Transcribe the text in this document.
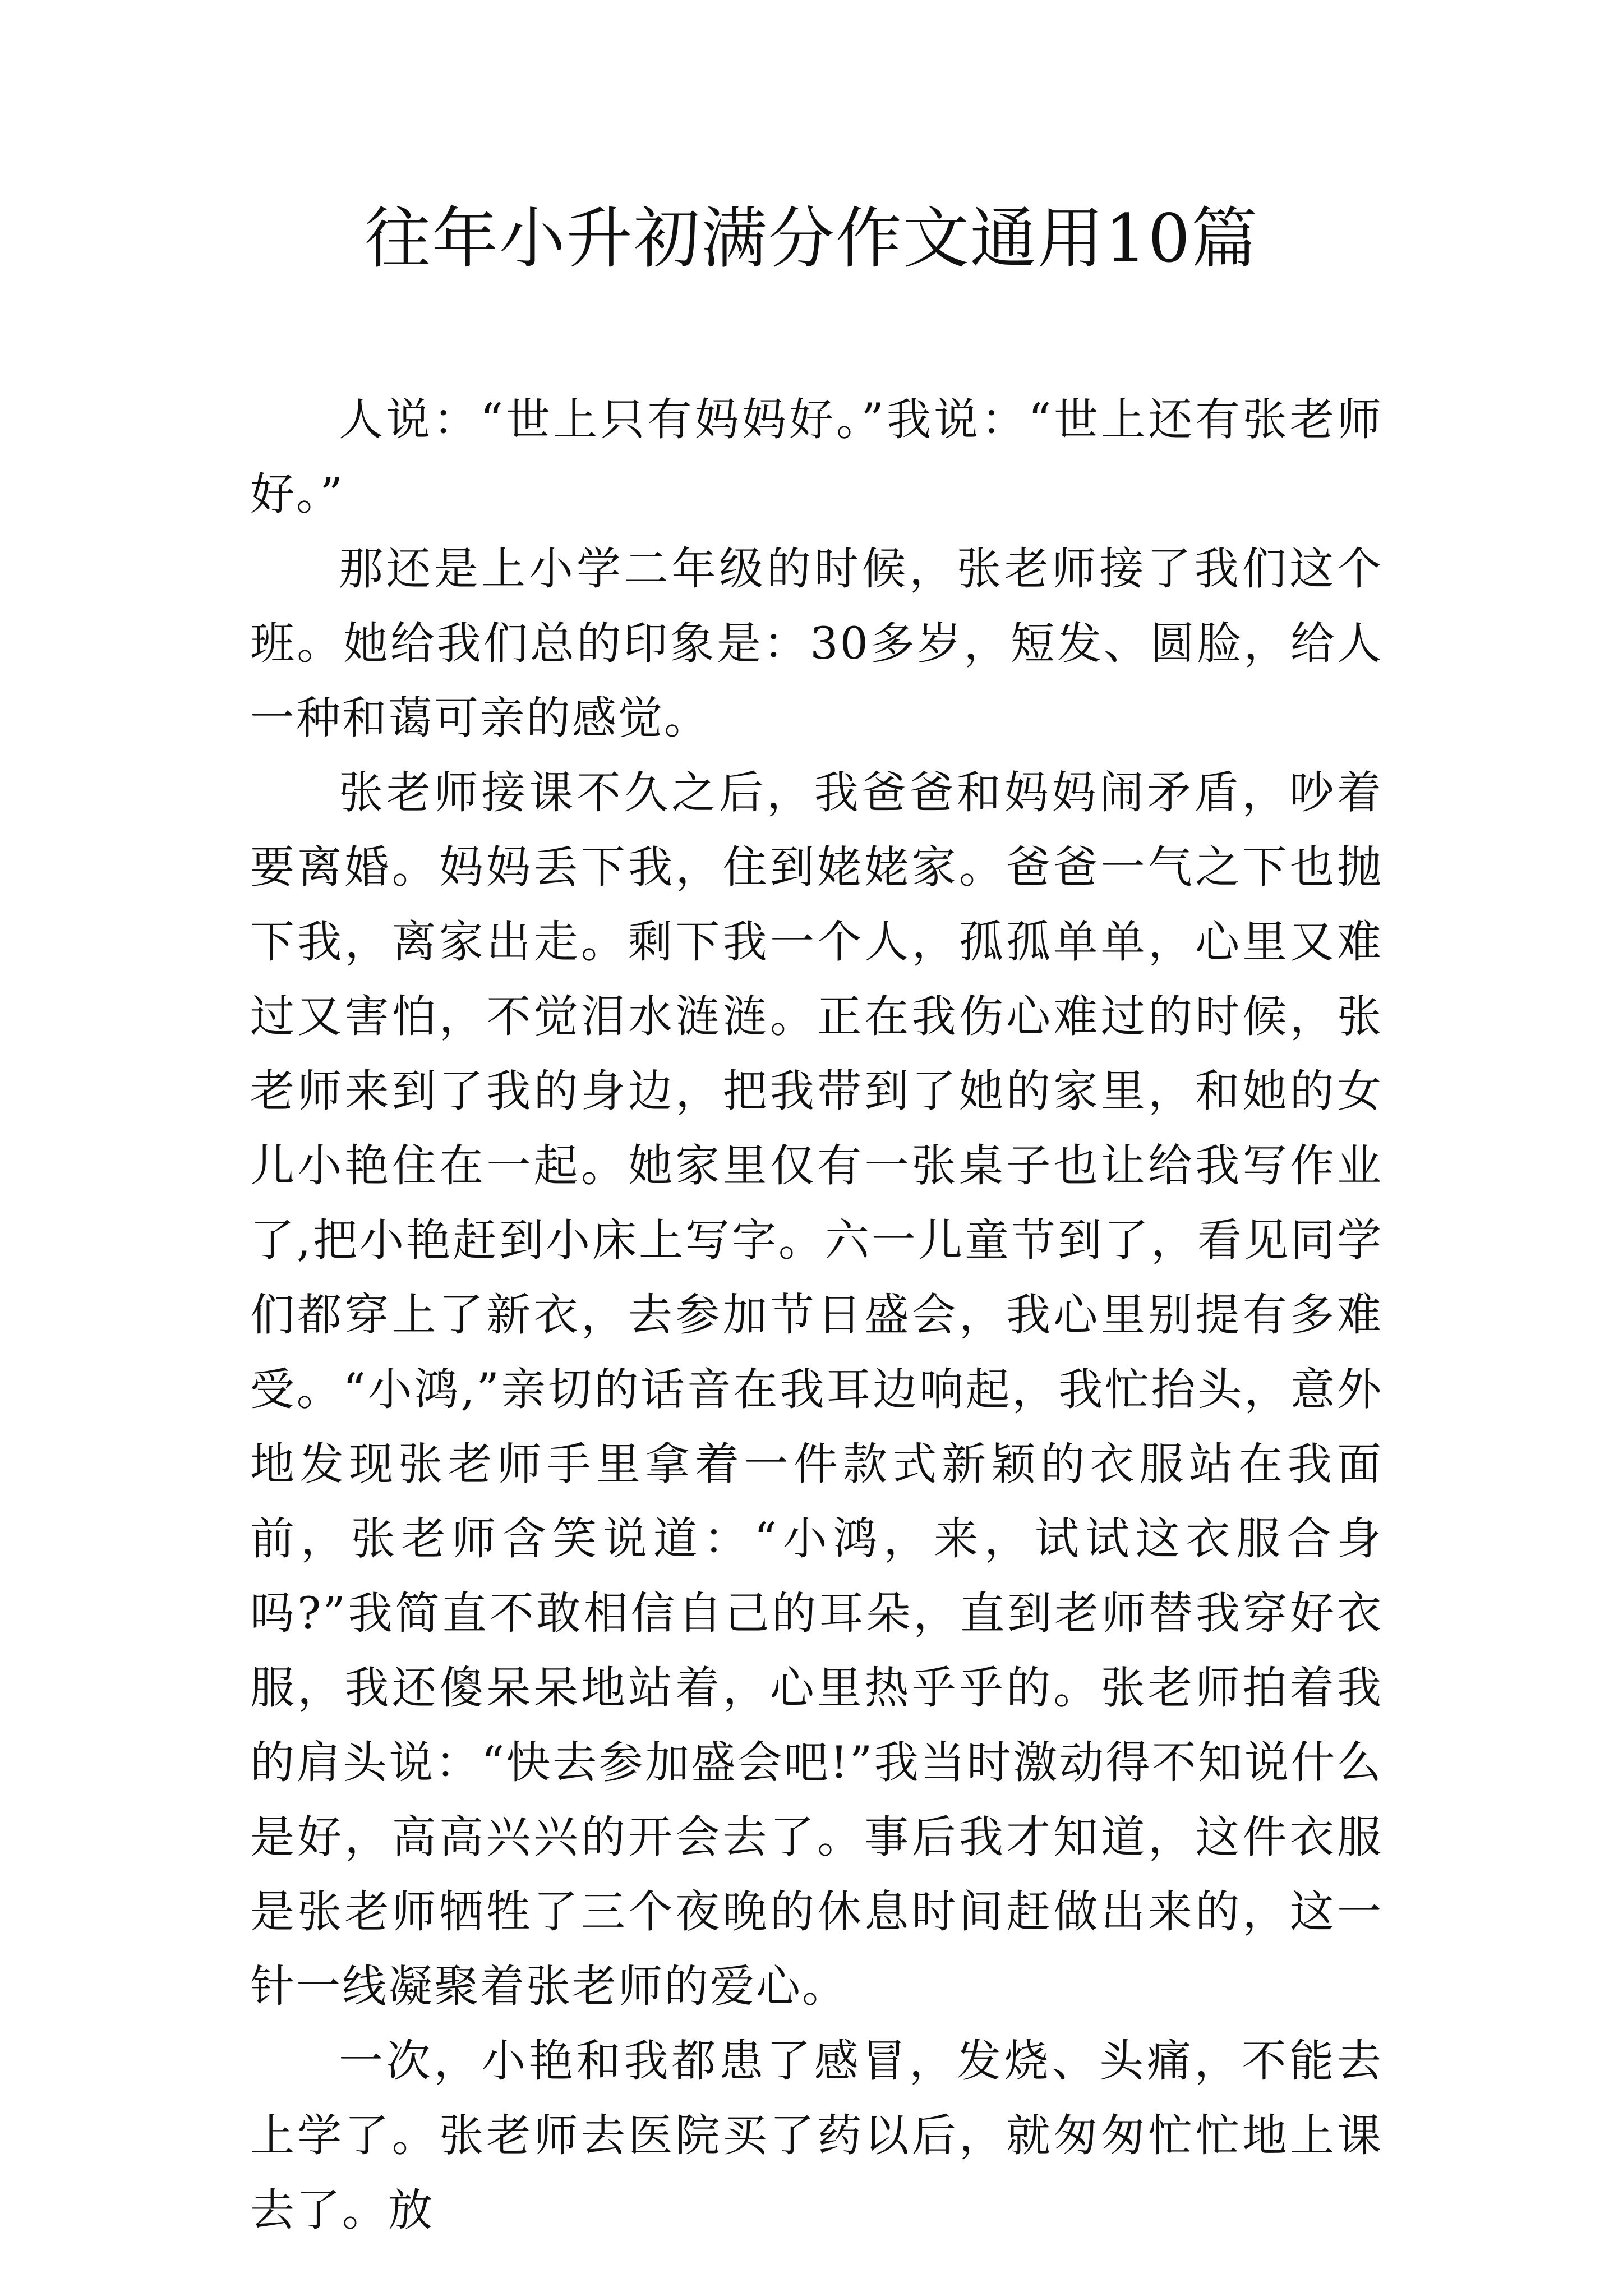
往年小升初满分作文通用10篇

人说：“世上只有妈妈好。”我说：“世上还有张老师好。”

那还是上小学二年级的时候，张老师接了我们这个班。她给我们总的印象是：30多岁，短发、圆脸，给人一种和蔼可亲的感觉。

张老师接课不久之后，我爸爸和妈妈闹矛盾，吵着要离婚。妈妈丢下我，住到姥姥家。爸爸一气之下也抛下我，离家出走。剩下我一个人，孤孤单单，心里又难过又害怕，不觉泪水涟涟。正在我伤心难过的时候，张老师来到了我的身边，把我带到了她的家里，和她的女儿小艳住在一起。她家里仅有一张桌子也让给我写作业了,把小艳赶到小床上写字。六一儿童节到了，看见同学们都穿上了新衣，去参加节日盛会，我心里别提有多难受。“小鸿,”亲切的话音在我耳边响起，我忙抬头，意外地发现张老师手里拿着一件款式新颖的衣服站在我面前，张老师含笑说道：“小鸿，来，试试这衣服合身吗?”我简直不敢相信自己的耳朵，直到老师替我穿好衣服，我还傻呆呆地站着，心里热乎乎的。张老师拍着我的肩头说：“快去参加盛会吧!”我当时激动得不知说什么是好，高高兴兴的开会去了。事后我才知道，这件衣服是张老师牺牲了三个夜晚的休息时间赶做出来的，这一针一线凝聚着张老师的爱心。

一次，小艳和我都患了感冒，发烧、头痛，不能去上学了。张老师去医院买了药以后，就匆匆忙忙地上课去了。放
